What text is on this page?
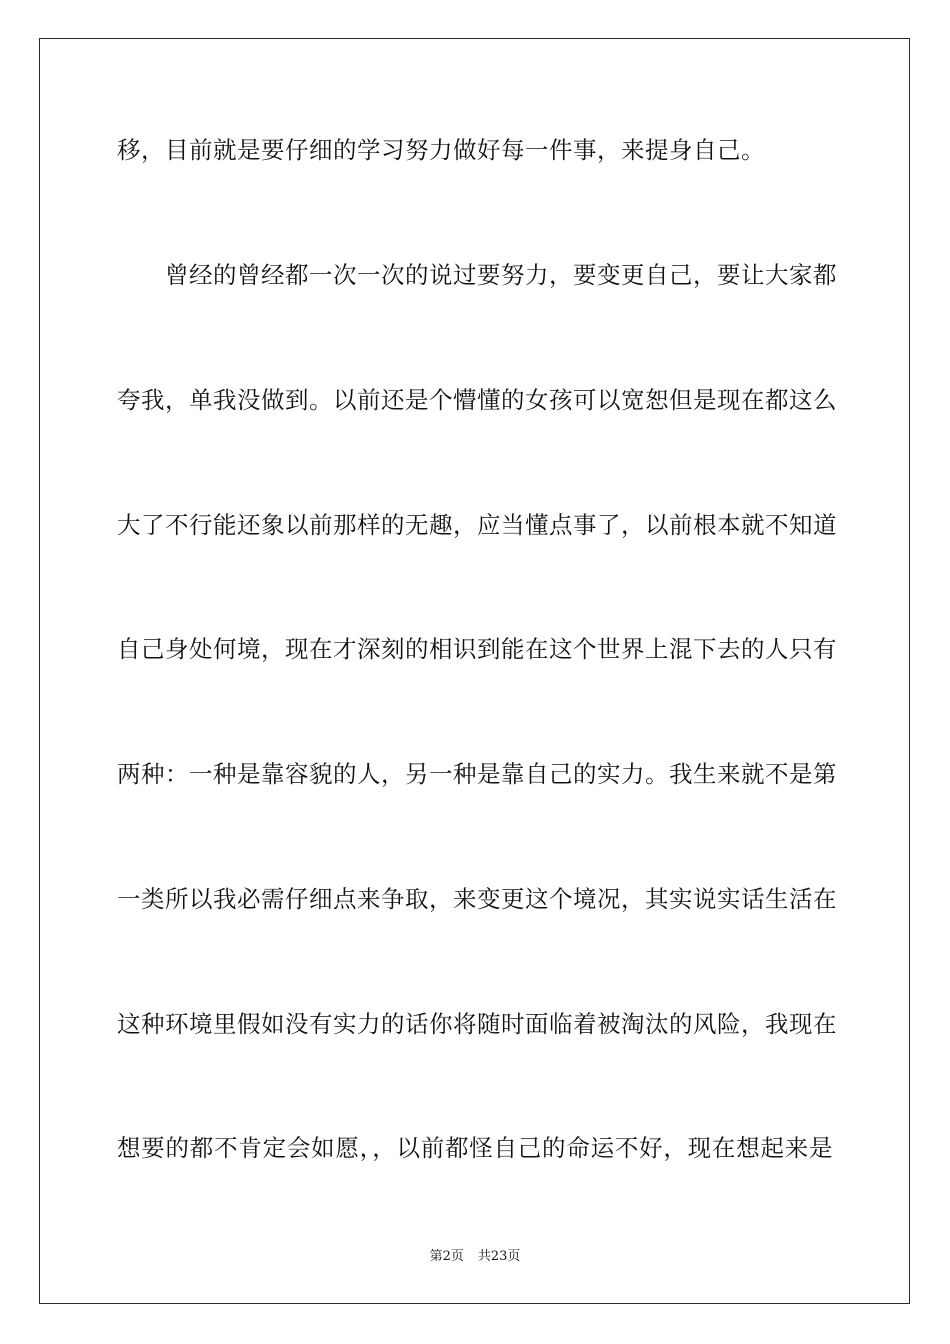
移，目前就是要仔细的学习努力做好每一件事，来提身自己。
曾经的曾经都一次一次的说过要努力，要变更自己，要让大家都
夸我，单我没做到。以前还是个懵懂的女孩可以宽恕但是现在都这么
大了不行能还象以前那样的无趣，应当懂点事了，以前根本就不知道
自己身处何境，现在才深刻的相识到能在这个世界上混下去的人只有
两种：一种是靠容貌的人，另一种是靠自己的实力。我生来就不是第
一类所以我必需仔细点来争取，来变更这个境况，其实说实话生活在
这种环境里假如没有实力的话你将随时面临着被淘汰的风险，我现在
想要的都不肯定会如愿，，以前都怪自己的命运不好，现在想起来是
第2页 共23页
